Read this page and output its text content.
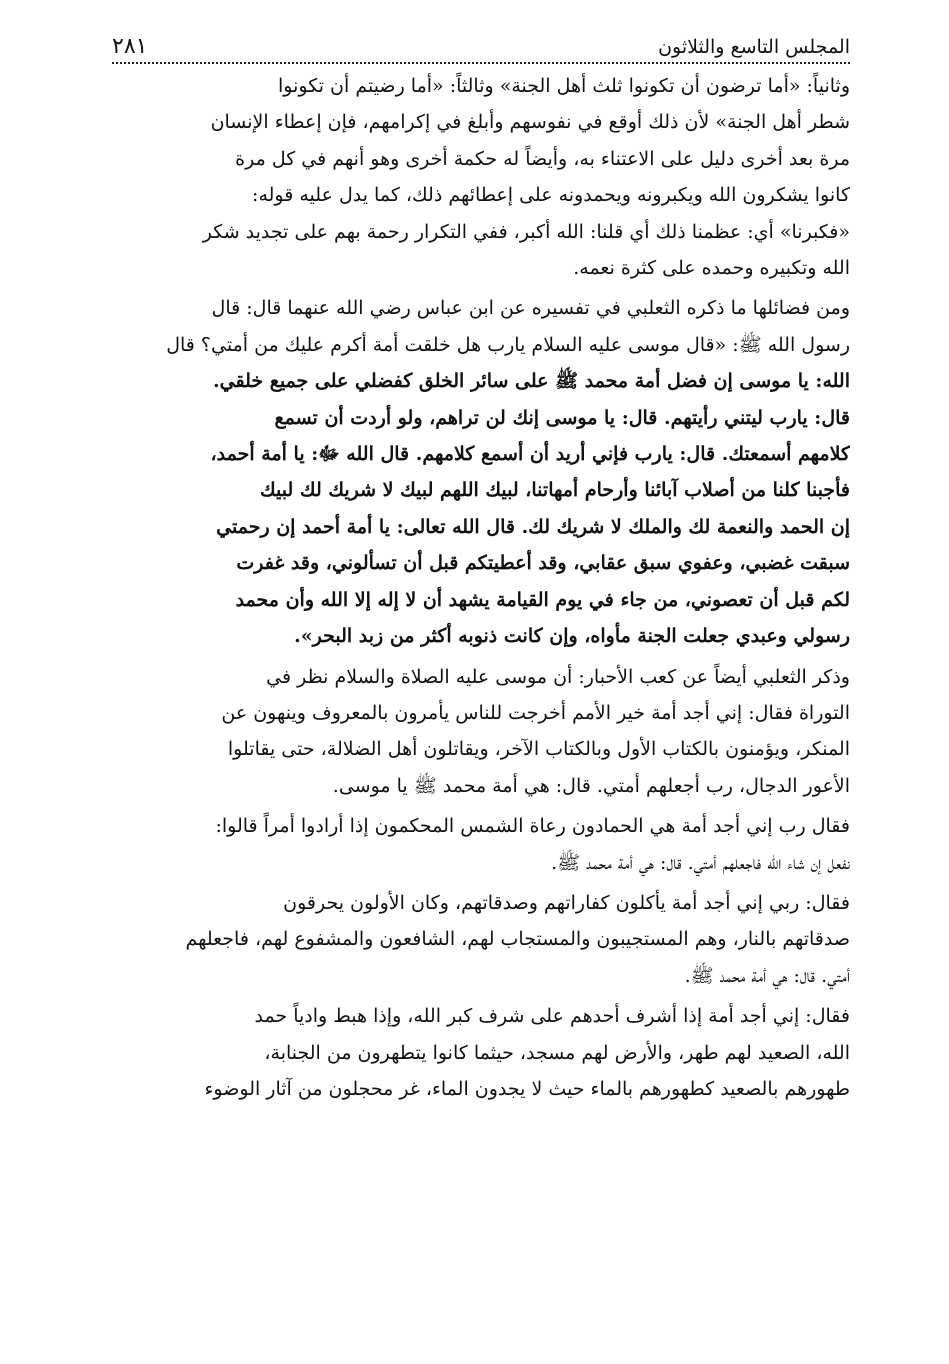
المجلس التاسع والثلاثون
٢٨١
وثانياً: «أما ترضون أن تكونوا ثلث أهل الجنة» وثالثاً: «أما رضيتم أن تكونوا
شطر أهل الجنة» لأن ذلك أوقع في نفوسهم وأبلغ في إكرامهم، فإن إعطاء الإنسان
مرة بعد أخرى دليل على الاعتناء به، وأيضاً له حكمة أخرى وهو أنهم في كل مرة
كانوا يشكرون الله ويكبرونه ويحمدونه على إعطائهم ذلك، كما يدل عليه قوله:
«فكبرنا» أي: عظمنا ذلك أي قلنا: الله أكبر، ففي التكرار رحمة بهم على تجديد شكر
الله وتكبيره وحمده على كثرة نعمه.
ومن فضائلها ما ذكره الثعلبي في تفسيره عن ابن عباس رضي الله عنهما قال: قال
رسول الله ﷺ: «قال موسى عليه السلام يارب هل خلقت أمة أكرم عليك من أمتي؟ قال
الله: يا موسى إن فضل أمة محمد ﷺ على سائر الخلق كفضلي على جميع خلقي.
قال: يارب ليتني رأيتهم. قال: يا موسى إنك لن تراهم، ولو أردت أن تسمع
كلامهم أسمعتك. قال: يارب فإني أريد أن أسمع كلامهم. قال الله ﷻ: يا أمة أحمد،
فأجبنا كلنا من أصلاب آبائنا وأرحام أمهاتنا، لبيك اللهم لبيك لا شريك لك لبيك
إن الحمد والنعمة لك والملك لا شريك لك. قال الله تعالى: يا أمة أحمد إن رحمتي
سبقت غضبي، وعفوي سبق عقابي، وقد أعطيتكم قبل أن تسألوني، وقد غفرت
لكم قبل أن تعصوني، من جاء في يوم القيامة يشهد أن لا إله إلا الله وأن محمد
رسولي وعبدي جعلت الجنة مأواه، وإن كانت ذنوبه أكثر من زبد البحر».
وذكر الثعلبي أيضاً عن كعب الأحبار: أن موسى عليه الصلاة والسلام نظر في
التوراة فقال: إني أجد أمة خير الأمم أخرجت للناس يأمرون بالمعروف وينهون عن
المنكر، ويؤمنون بالكتاب الأول وبالكتاب الآخر، ويقاتلون أهل الضلالة، حتى يقاتلوا
الأعور الدجال، رب أجعلهم أمتي. قال: هي أمة محمد ﷺ يا موسى.
فقال رب إني أجد أمة هي الحمادون رعاة الشمس المحكمون إذا أرادوا أمراً قالوا:
نفعل إن شاء الله فاجعلهم أمتي. قال: هي أمة محمد ﷺ.
فقال: ربي إني أجد أمة يأكلون كفاراتهم وصدقاتهم، وكان الأولون يحرقون
صدقاتهم بالنار، وهم المستجيبون والمستجاب لهم، الشافعون والمشفوع لهم، فاجعلهم
أمتي. قال: هي أمة محمد ﷺ.
فقال: إني أجد أمة إذا أشرف أحدهم على شرف كبر الله، وإذا هبط وادياً حمد
الله، الصعيد لهم طهر، والأرض لهم مسجد، حيثما كانوا يتطهرون من الجنابة،
طهورهم بالصعيد كطهورهم بالماء حيث لا يجدون الماء، غر محجلون من آثار الوضوء
